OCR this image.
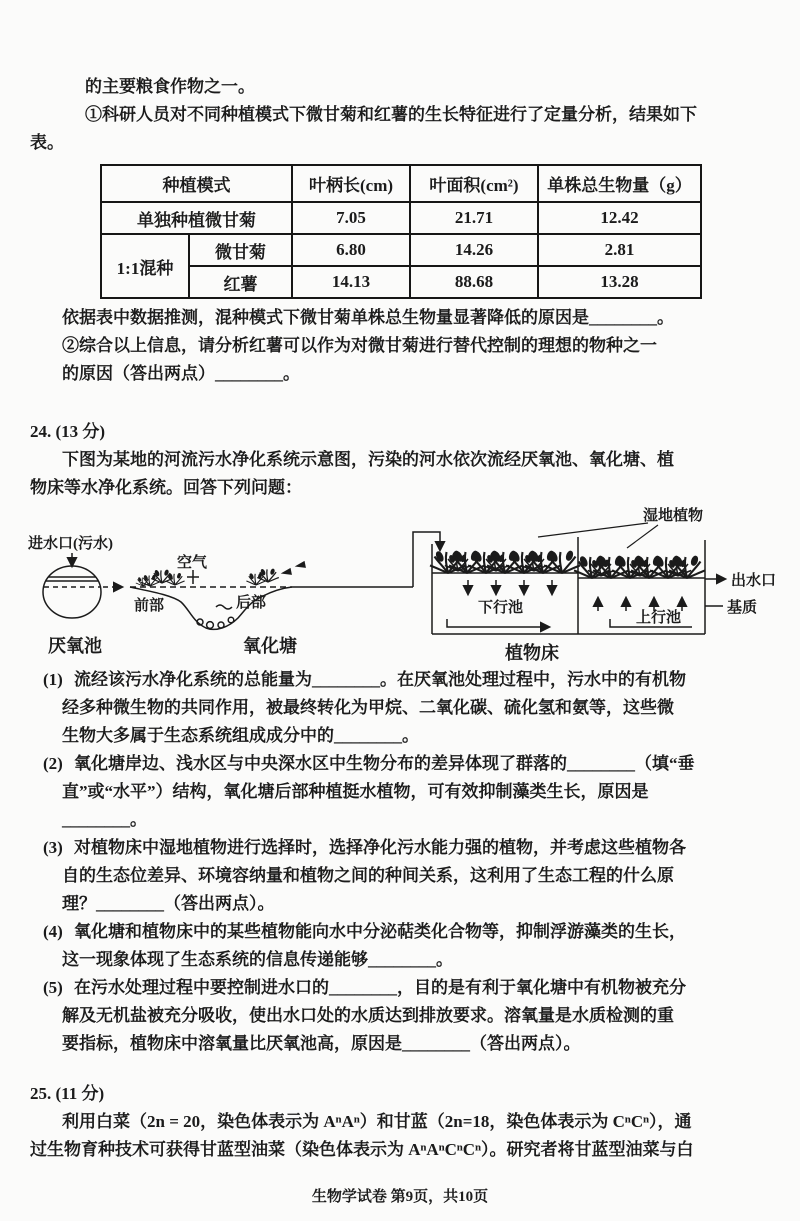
的主要粮食作物之一。
①科研人员对不同种植模式下微甘菊和红薯的生长特征进行了定量分析，结果如下
表。
种植模式		叶柄长(cm)	叶面积(cm²)	单株总生物量（g）
单独种植微甘菊		7.05	21.71	12.42
1:1混种	微甘菊	6.80	14.26	2.81
	红薯	14.13	88.68	13.28
依据表中数据推测，混种模式下微甘菊单株总生物量显著降低的原因是________。
②综合以上信息，请分析红薯可以作为对微甘菊进行替代控制的理想的物种之一
的原因（答出两点）________。
24. (13 分)
下图为某地的河流污水净化系统示意图，污染的河水依次流经厌氧池、氧化塘、植
物床等水净化系统。回答下列问题：
进水口(污水)
空气
前部	后部
湿地植物
下行池
上行池
出水口
基质
厌氧池	氧化塘	植物床
(1) 流经该污水净化系统的总能量为________。在厌氧池处理过程中，污水中的有机物
经多种微生物的共同作用，被最终转化为甲烷、二氧化碳、硫化氢和氨等，这些微
生物大多属于生态系统组成成分中的________。
(2) 氧化塘岸边、浅水区与中央深水区中生物分布的差异体现了群落的________（填“垂
直”或“水平”）结构，氧化塘后部种植挺水植物，可有效抑制藻类生长，原因是
________。
(3) 对植物床中湿地植物进行选择时，选择净化污水能力强的植物，并考虑这些植物各
自的生态位差异、环境容纳量和植物之间的种间关系，这利用了生态工程的什么原
理？________（答出两点）。
(4) 氧化塘和植物床中的某些植物能向水中分泌萜类化合物等，抑制浮游藻类的生长，
这一现象体现了生态系统的信息传递能够________。
(5) 在污水处理过程中要控制进水口的________，目的是有利于氧化塘中有机物被充分
解及无机盐被充分吸收，使出水口处的水质达到排放要求。溶氧量是水质检测的重
要指标，植物床中溶氧量比厌氧池高，原因是________（答出两点）。
25. (11 分)
利用白菜（2n = 20，染色体表示为 AⁿAⁿ）和甘蓝（2n=18，染色体表示为 CⁿCⁿ），通
过生物育种技术可获得甘蓝型油菜（染色体表示为 AⁿAⁿCⁿCⁿ）。研究者将甘蓝型油菜与白
生物学试卷 第9页，共10页
